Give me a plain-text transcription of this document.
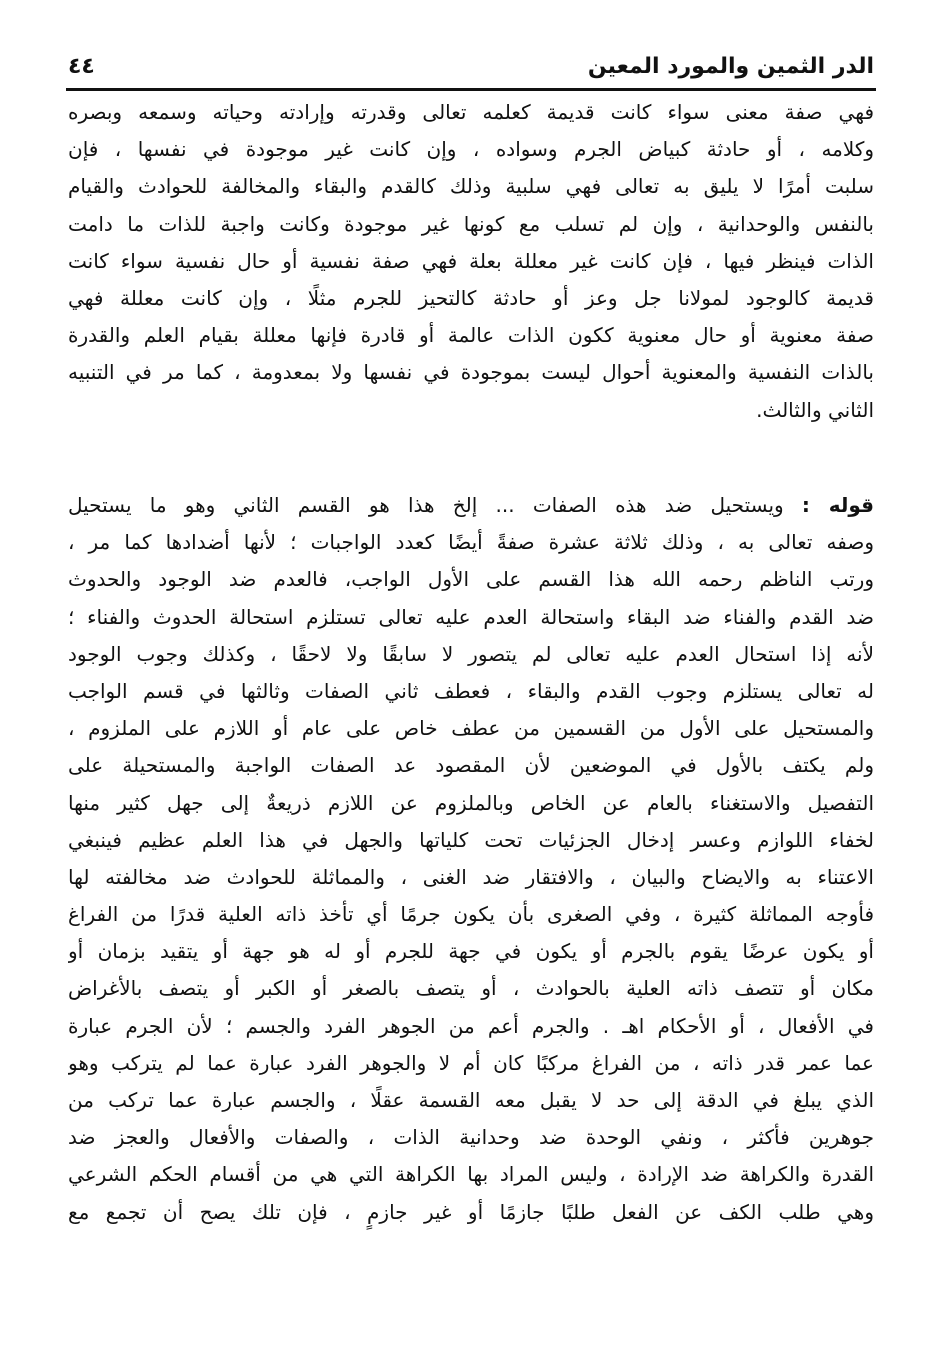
الدر الثمين والمورد المعين
٤٤
فهي صفة معنى سواء كانت قديمة كعلمه تعالى وقدرته وإرادته وحياته وسمعه وبصره
وكلامه ، أو حادثة كبياض الجرم وسواده ، وإن كانت غير موجودة في نفسها ، فإن
سلبت أمرًا لا يليق به تعالى فهي سلبية وذلك كالقدم والبقاء والمخالفة للحوادث والقيام
بالنفس والوحدانية ، وإن لم تسلب مع كونها غير موجودة وكانت واجبة للذات ما دامت
الذات فينظر فيها ، فإن كانت غير معللة بعلة فهي صفة نفسية أو حال نفسية سواء كانت
قديمة كالوجود لمولانا جل وعز أو حادثة كالتحيز للجرم مثلًا ، وإن كانت معللة فهي
صفة معنوية أو حال معنوية ككون الذات عالمة أو قادرة فإنها معللة بقيام العلم والقدرة
بالذات النفسية والمعنوية أحوال ليست بموجودة في نفسها ولا بمعدومة ، كما مر في التنبيه
الثاني والثالث.
قوله : ويستحيل ضد هذه الصفات ... إلخ هذا هو القسم الثاني وهو ما يستحيل
وصفه تعالى به ، وذلك ثلاثة عشرة صفةً أيضًا كعدد الواجبات ؛ لأنها أضدادها كما مر ،
ورتب الناظم رحمه الله هذا القسم على الأول الواجب، فالعدم ضد الوجود والحدوث
ضد القدم والفناء ضد البقاء واستحالة العدم عليه تعالى تستلزم استحالة الحدوث والفناء ؛
لأنه إذا استحال العدم عليه تعالى لم يتصور لا سابقًا ولا لاحقًا ، وكذلك وجوب الوجود
له تعالى يستلزم وجوب القدم والبقاء ، فعطف ثاني الصفات وثالثها في قسم الواجب
والمستحيل على الأول من القسمين من عطف خاص على عام أو اللازم على الملزوم ،
ولم يكتف بالأول في الموضعين لأن المقصود عد الصفات الواجبة والمستحيلة على
التفصيل والاستغناء بالعام عن الخاص وبالملزوم عن اللازم ذريعةٌ إلى جهل كثير منها
لخفاء اللوازم وعسر إدخال الجزئيات تحت كلياتها والجهل في هذا العلم عظيم فينبغي
الاعتناء به والايضاح والبيان ، والافتقار ضد الغنى ، والمماثلة للحوادث ضد مخالفته لها
فأوجه المماثلة كثيرة ، وفي الصغرى بأن يكون جرمًا أي تأخذ ذاته العلية قدرًا من الفراغ
أو يكون عرضًا يقوم بالجرم أو يكون في جهة للجرم أو له هو جهة أو يتقيد بزمان أو
مكان أو تتصف ذاته العلية بالحوادث ، أو يتصف بالصغر أو الكبر أو يتصف بالأغراض
في الأفعال ، أو الأحكام اهـ . والجرم أعم من الجوهر الفرد والجسم ؛ لأن الجرم عبارة
عما عمر قدر ذاته ، من الفراغ مركبًا كان أم لا والجوهر الفرد عبارة عما لم يتركب وهو
الذي يبلغ في الدقة إلى حد لا يقبل معه القسمة عقلًا ، والجسم عبارة عما تركب من
جوهرين فأكثر ، ونفي الوحدة ضد وحدانية الذات ، والصفات والأفعال والعجز ضد
القدرة والكراهة ضد الإرادة ، وليس المراد بها الكراهة التي هي من أقسام الحكم الشرعي
وهي طلب الكف عن الفعل طلبًا جازمًا أو غير جازمٍ ، فإن تلك يصح أن تجمع مع
